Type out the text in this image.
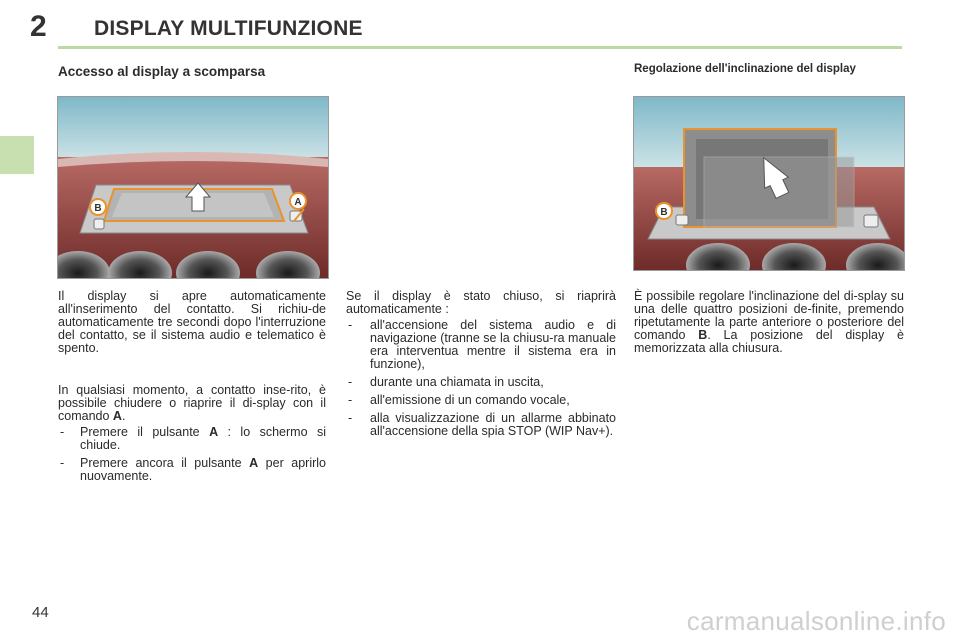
2 DISPLAY MULTIFUNZIONE
Accesso al display a scomparsa	Regolazione dell'inclinazione del display
B
A
B

Il display si apre automaticamente all'inserimento del contatto. Si richiu-de automaticamente tre secondi dopo l'interruzione del contatto, se il sistema audio e telematico è spento.

In qualsiasi momento, a contatto inse-rito, è possibile chiudere o riaprire il di-splay con il comando A.

- Premere il pulsante A : lo schermo si chiude.
- Premere ancora il pulsante A per aprirlo nuovamente.

Se il display è stato chiuso, si riaprirà automaticamente :

- all'accensione del sistema audio e di navigazione (tranne se la chiusu-ra manuale era interventua mentre il sistema era in funzione),
- durante una chiamata in uscita,
- all'emissione di un comando vocale,
- alla visualizzazione di un allarme abbinato all'accensione della spia STOP (WIP Nav+).

È possibile regolare l'inclinazione del di-splay su una delle quattro posizioni de-finite, premendo ripetutamente la parte anteriore o posteriore del comando B. La posizione del display è memorizzata alla chiusura.

44	carmanualsonline.info
